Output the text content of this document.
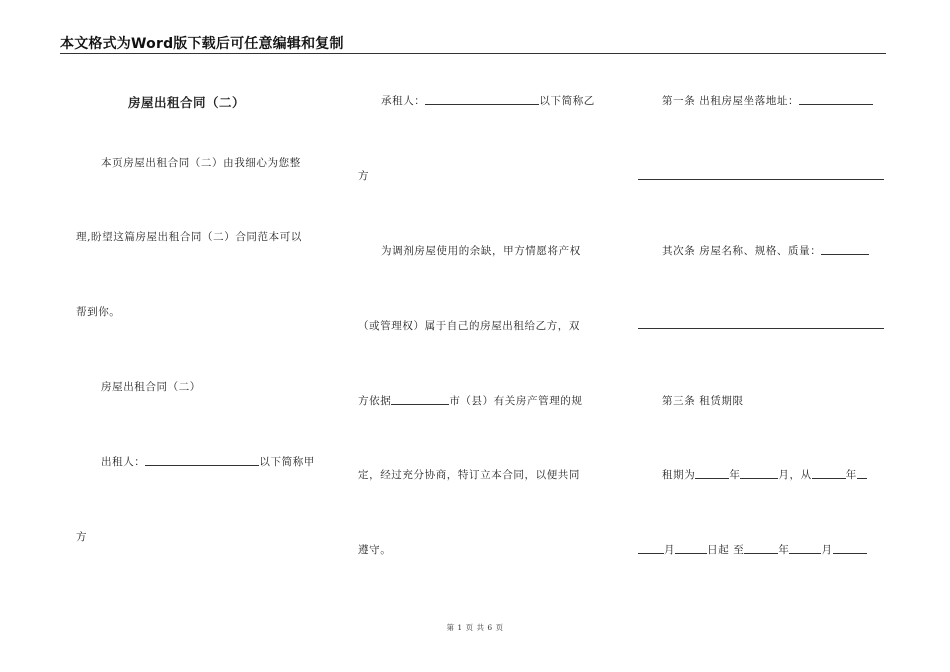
本文格式为Word版下载后可任意编辑和复制
房屋出租合同（二）
本页房屋出租合同（二）由我细心为您整
理,盼望这篇房屋出租合同（二）合同范本可以
帮到你。
房屋出租合同（二）
出租人：	以下简称甲
方
承租人：	以下简称乙
方
为调剂房屋使用的余缺，甲方情愿将产权
（或管理权）属于自己的房屋出租给乙方，双
方依据	市（县）有关房产管理的规
定，经过充分协商，特订立本合同，以便共同
遵守。
第一条 出租房屋坐落地址：
其次条 房屋名称、规格、质量：
第三条 租赁期限
租期为	年	月，从	年
月	日起 至	年	月
第 1 页 共 6 页
